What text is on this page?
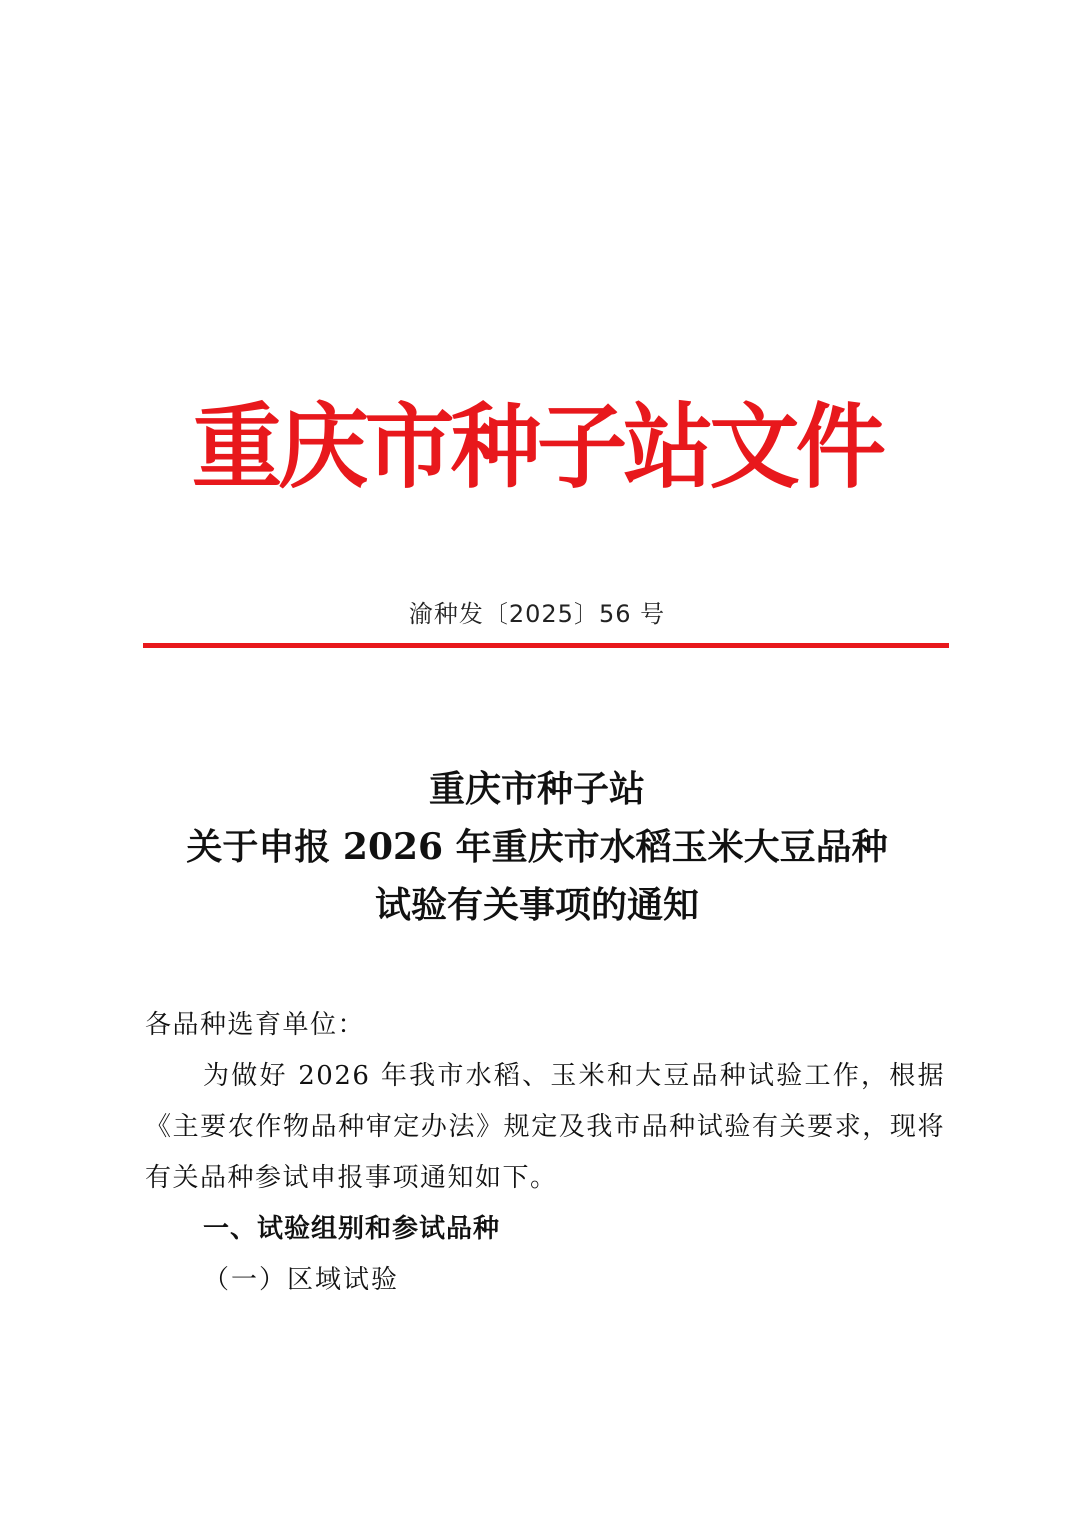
重庆市种子站文件
渝种发〔2025〕56 号
重庆市种子站
关于申报 2026 年重庆市水稻玉米大豆品种
试验有关事项的通知
各品种选育单位：
为做好 2026 年我市水稻、玉米和大豆品种试验工作，根据《主要农作物品种审定办法》规定及我市品种试验有关要求，现将有关品种参试申报事项通知如下。
一、试验组别和参试品种
（一）区域试验
